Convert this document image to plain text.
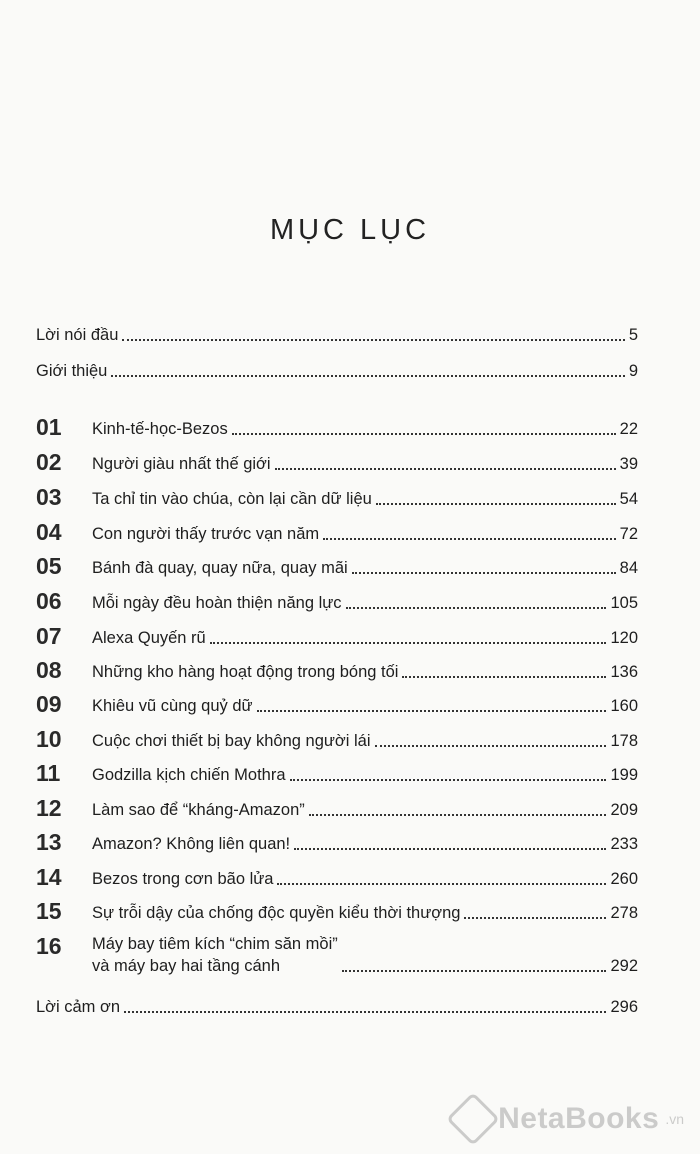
MỤC LỤC
Lời nói đầu	5
Giới thiệu	9
01	Kinh-tế-học-Bezos	22
02	Người giàu nhất thế giới	39
03	Ta chỉ tin vào chúa, còn lại cần dữ liệu	54
04	Con người thấy trước vạn năm	72
05	Bánh đà quay, quay nữa, quay mãi	84
06	Mỗi ngày đều hoàn thiện năng lực	105
07	Alexa Quyến rũ	120
08	Những kho hàng hoạt động trong bóng tối	136
09	Khiêu vũ cùng quỷ dữ	160
10	Cuộc chơi thiết bị bay không người lái	178
11	Godzilla kịch chiến Mothra	199
12	Làm sao để “kháng-Amazon”	209
13	Amazon? Không liên quan!	233
14	Bezos trong cơn bão lửa	260
15	Sự trỗi dậy của chống độc quyền kiểu thời thượng	278
16	Máy bay tiêm kích “chim săn mồi”
và máy bay hai tầng cánh	292
Lời cảm ơn	296
NetaBooks .vn
